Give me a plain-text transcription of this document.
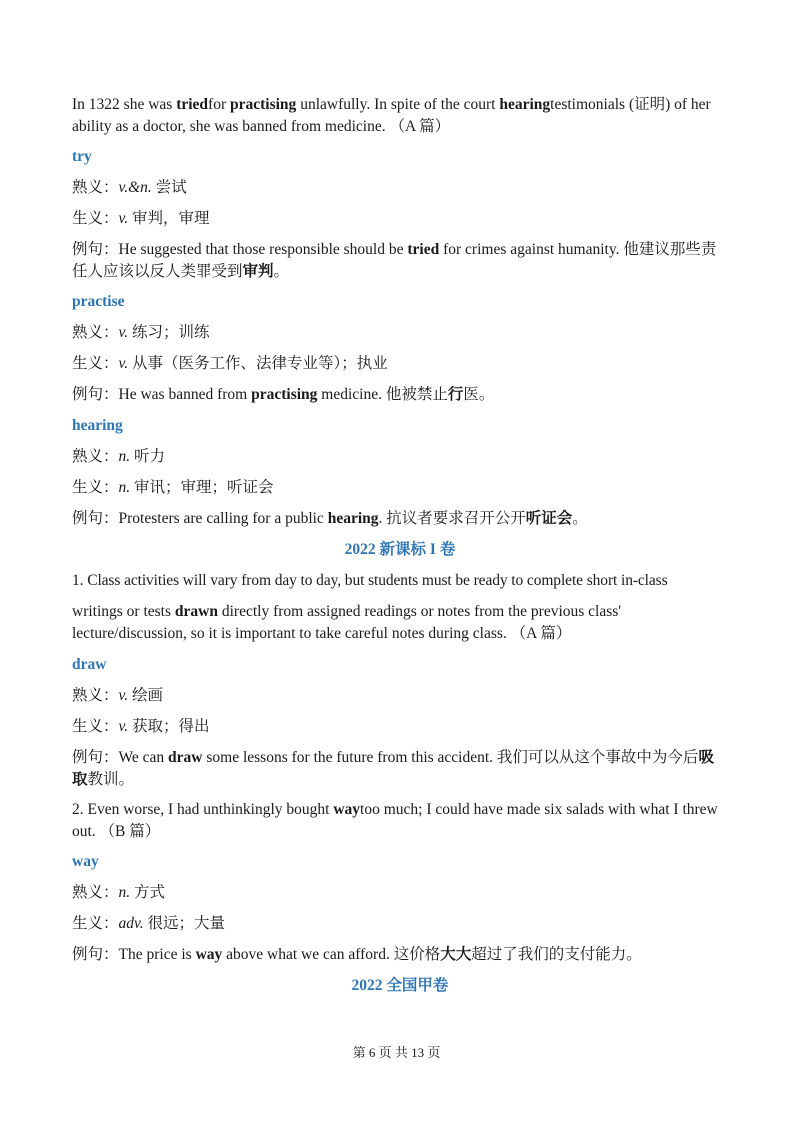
In 1322 she was triedfor practising unlawfully. In spite of the court hearingtestimonials (证明) of her ability as a doctor, she was banned from medicine. （A 篇）

try

熟义：v.&n. 尝试

生义：v. 审判，审理

例句：He suggested that those responsible should be tried for crimes against humanity. 他建议那些责任人应该以反人类罪受到审判。

practise

熟义：v. 练习；训练

生义：v. 从事（医务工作、法律专业等）；执业

例句：He was banned from practising medicine. 他被禁止行医。

hearing

熟义：n. 听力

生义：n. 审讯；审理；听证会

例句：Protesters are calling for a public hearing. 抗议者要求召开公开听证会。

2022 新课标 I 卷

1. Class activities will vary from day to day, but students must be ready to complete short in-class

writings or tests drawn directly from assigned readings or notes from the previous class' lecture/discussion, so it is important to take careful notes during class. （A 篇）

draw

熟义：v. 绘画

生义：v. 获取；得出

例句：We can draw some lessons for the future from this accident. 我们可以从这个事故中为今后吸取教训。

2. Even worse, I had unthinkingly bought waytoo much; I could have made six salads with what I threw out. （B 篇）

way

熟义：n. 方式

生义：adv. 很远；大量

例句：The price is way above what we can afford. 这价格大大超过了我们的支付能力。

2022 全国甲卷

第 6 页 共 13 页
